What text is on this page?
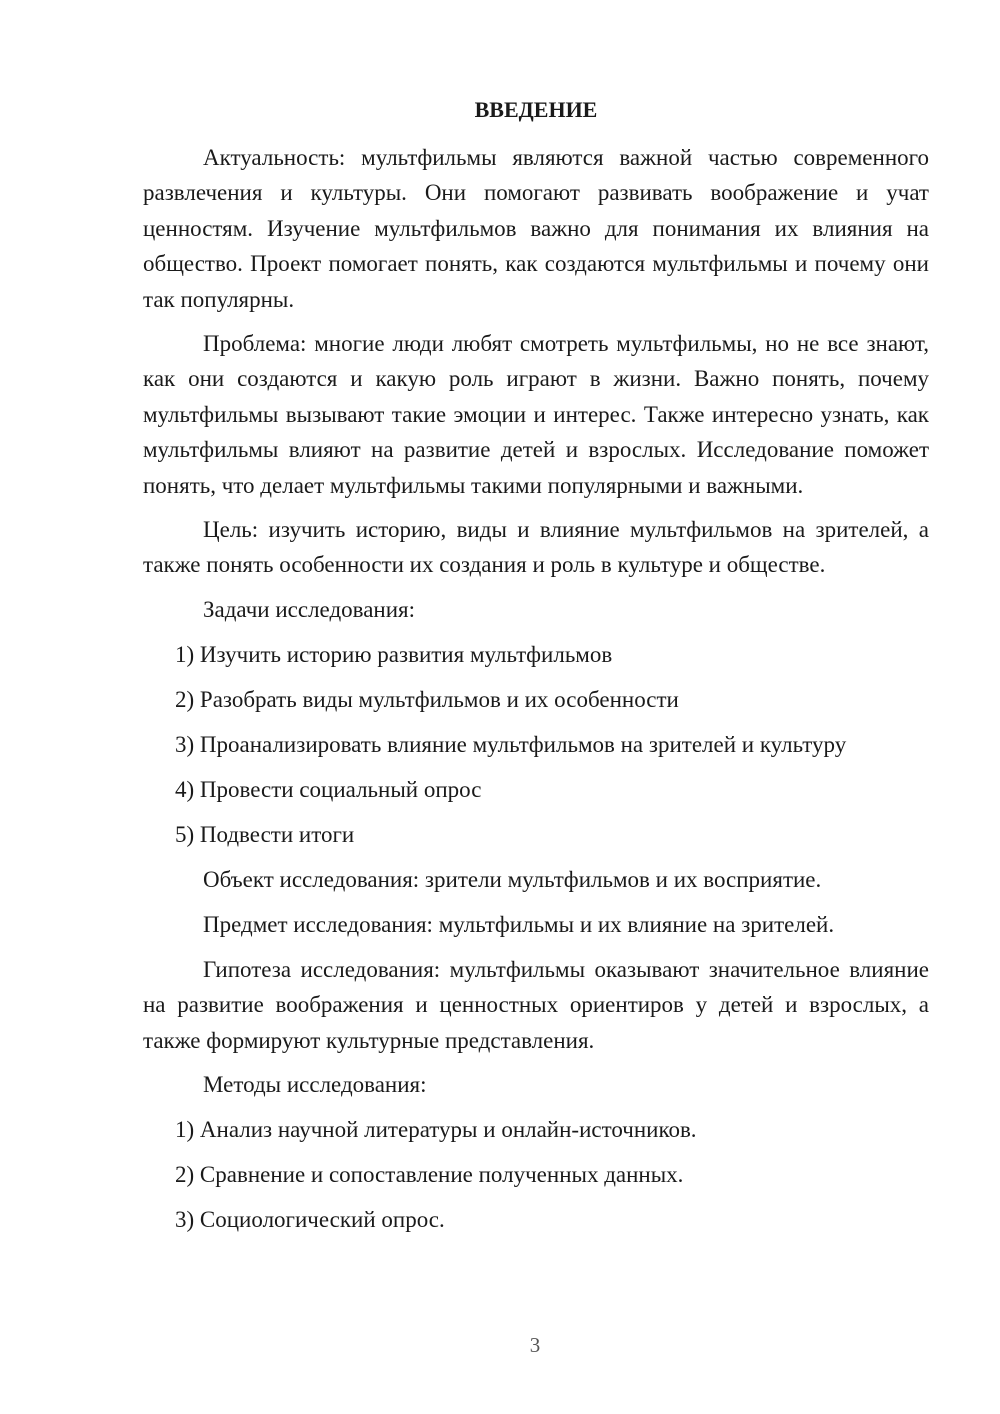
ВВЕДЕНИЕ

Актуальность: мультфильмы являются важной частью современного развлечения и культуры. Они помогают развивать воображение и учат ценностям. Изучение мультфильмов важно для понимания их влияния на общество. Проект помогает понять, как создаются мультфильмы и почему они так популярны.

Проблема: многие люди любят смотреть мультфильмы, но не все знают, как они создаются и какую роль играют в жизни. Важно понять, почему мультфильмы вызывают такие эмоции и интерес. Также интересно узнать, как мультфильмы влияют на развитие детей и взрослых. Исследование поможет понять, что делает мультфильмы такими популярными и важными.

Цель: изучить историю, виды и влияние мультфильмов на зрителей, а также понять особенности их создания и роль в культуре и обществе.

Задачи исследования:
1) Изучить историю развития мультфильмов
2) Разобрать виды мультфильмов и их особенности
3) Проанализировать влияние мультфильмов на зрителей и культуру
4) Провести социальный опрос
5) Подвести итоги
Объект исследования: зрители мультфильмов и их восприятие.
Предмет исследования: мультфильмы и их влияние на зрителей.

Гипотеза исследования: мультфильмы оказывают значительное влияние на развитие воображения и ценностных ориентиров у детей и взрослых, а также формируют культурные представления.

Методы исследования:
1) Анализ научной литературы и онлайн-источников.
2) Сравнение и сопоставление полученных данных.
3) Социологический опрос.
3
